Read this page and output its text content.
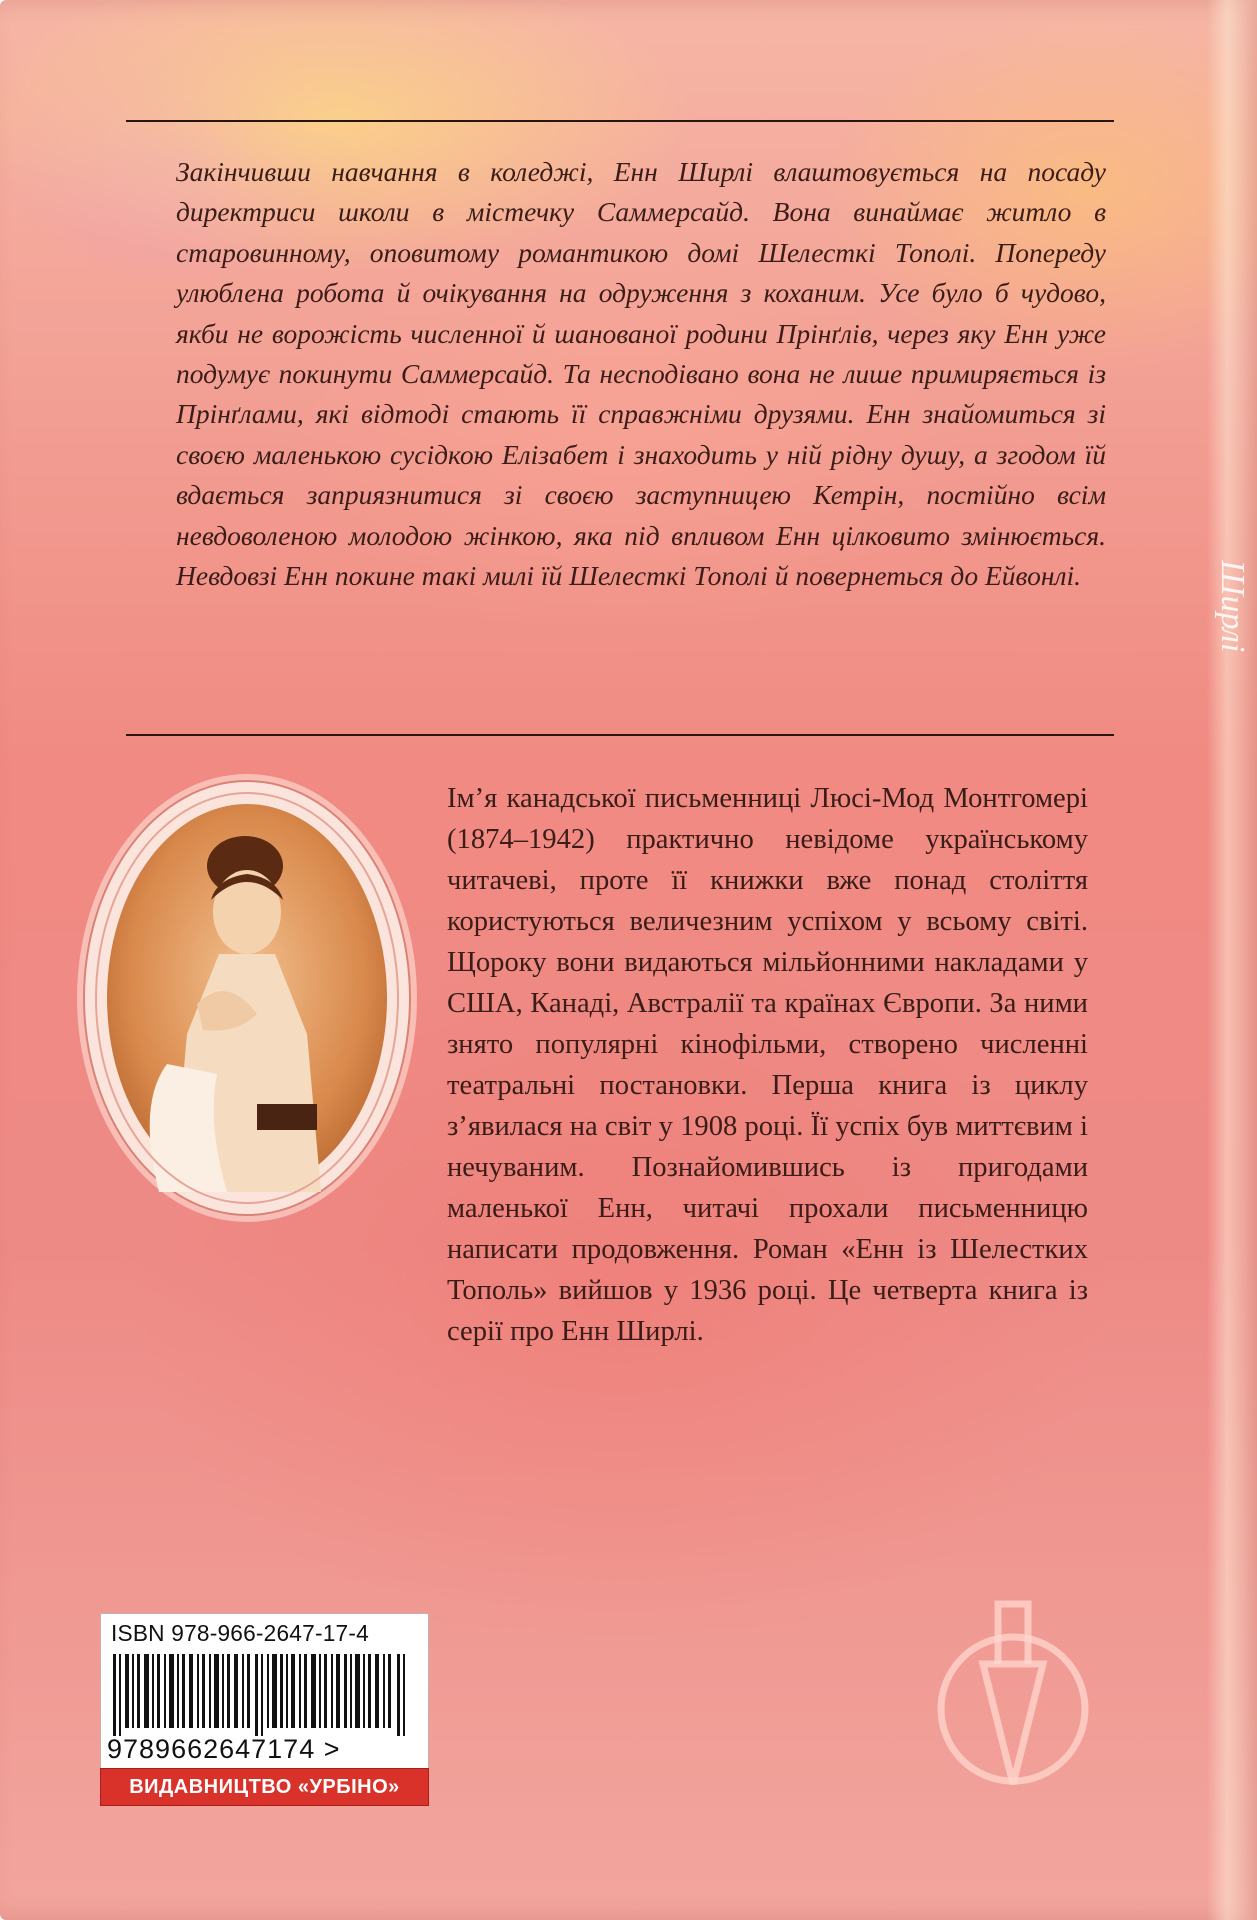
Ширлі
Закінчивши навчання в коледжі, Енн Ширлі влаштовується на посаду директриси школи в містечку Саммерсайд. Вона винаймає житло в старовинному, оповитому романтикою домі Шелесткі Тополі. Попереду улюблена робота й очікування на одруження з коханим. Усе було б чудово, якби не ворожість численної й шанованої родини Прінґлів, через яку Енн уже подумує покинути Саммерсайд. Та несподівано вона не лише примиряється із Прінґлами, які відтоді стають її справжніми друзями. Енн знайомиться зі своєю маленькою сусідкою Елізабет і знаходить у ній рідну душу, а згодом їй вдається заприязнитися зі своєю заступницею Кетрін, постійно всім невдоволеною молодою жінкою, яка під впливом Енн цілковито змінюється. Невдовзі Енн покине такі милі їй Шелесткі Тополі й повернеться до Ейвонлі.
Ім’я канадської письменниці Люсі-Мод Монтгомері (1874–1942) практично невідоме українському читачеві, проте її книжки вже понад століття користуються величезним успіхом у всьому світі. Щороку вони видаються мільйонними накладами у США, Канаді, Австралії та країнах Європи. За ними знято популярні кінофільми, створено численні театральні постановки. Перша книга із циклу з’явилася на світ у 1908 році. Її успіх був миттєвим і нечуваним. Познайомившись із пригодами маленької Енн, читачі прохали письменницю написати продовження. Роман «Енн із Шелестких Тополь» вийшов у 1936 році. Це четверта книга із серії про Енн Ширлі.
ISBN 978-966-2647-17-4
9789662647174 >
ВИДАВНИЦТВО «УРБІНО»
